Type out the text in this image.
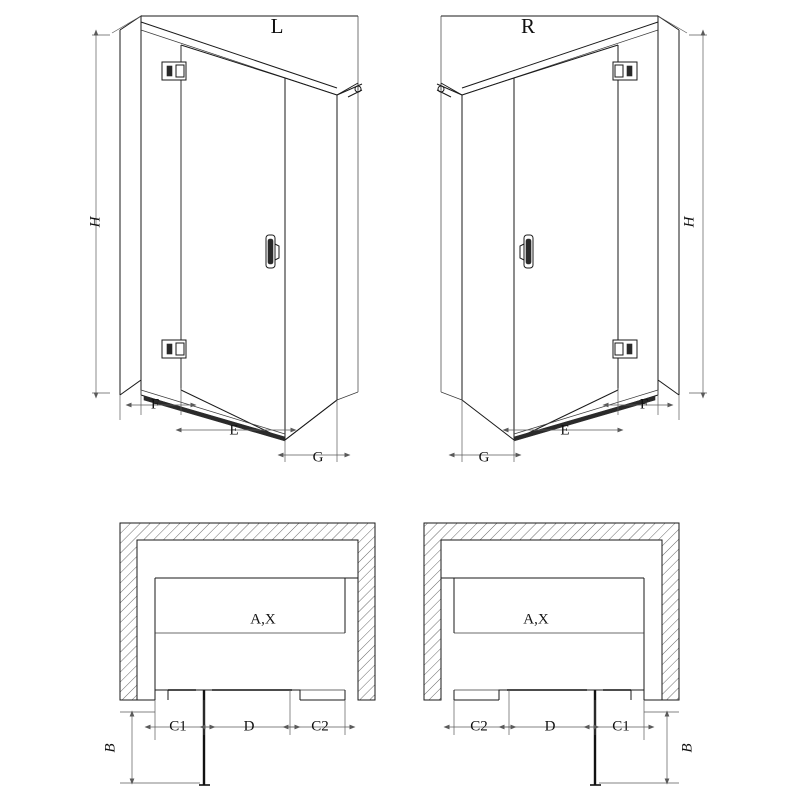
L
H
F
E
G
R
H
F
E
G
A,X
C1	D	C2
B
A,X
C1
D
C2
B
